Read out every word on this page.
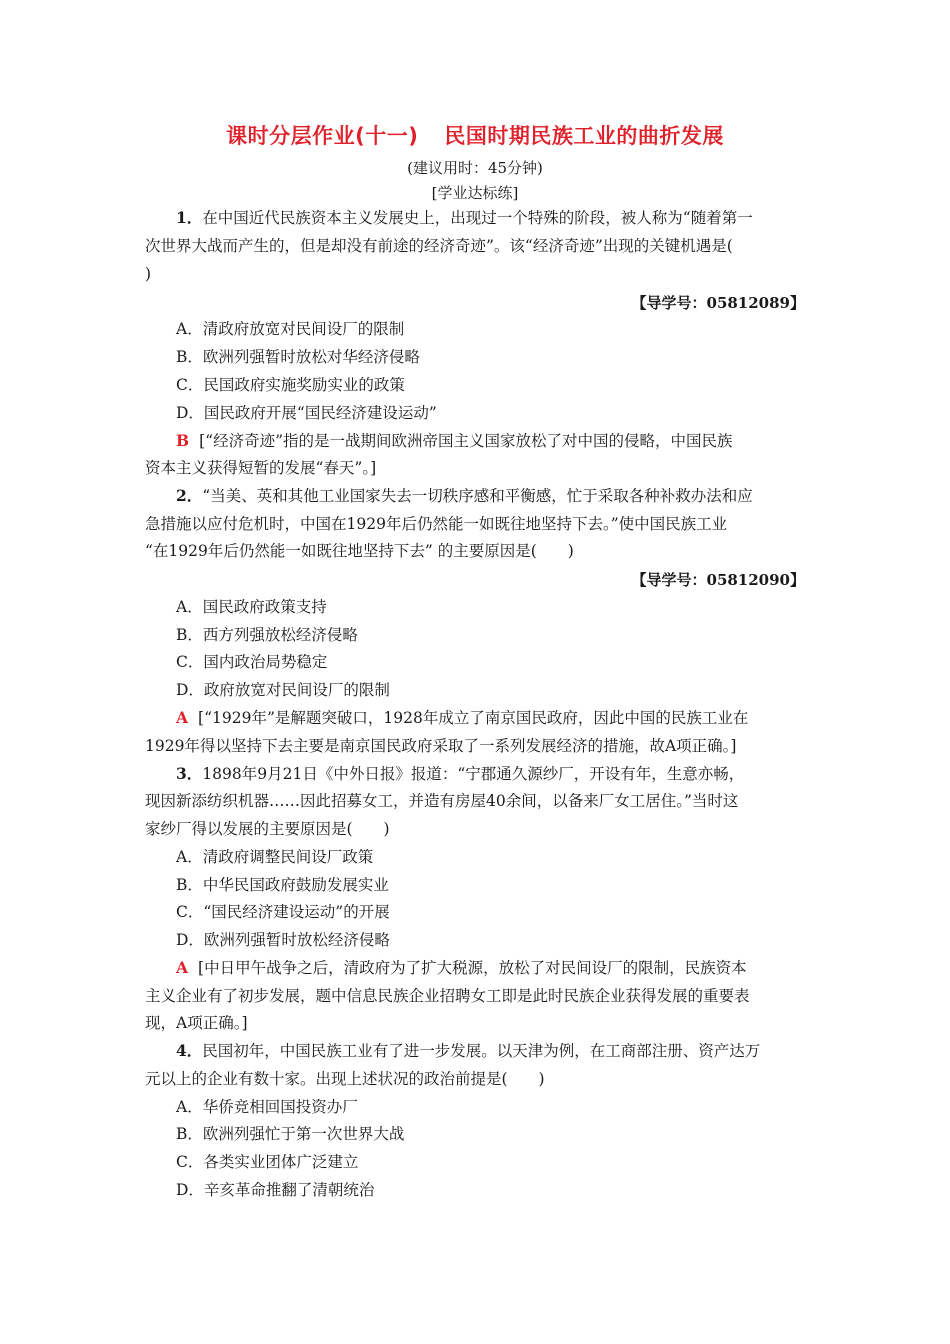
课时分层作业(十一) 民国时期民族工业的曲折发展
(建议用时：45分钟)
[学业达标练]
1．在中国近代民族资本主义发展史上，出现过一个特殊的阶段，被人称为“随着第一
次世界大战而产生的，但是却没有前途的经济奇迹”。该“经济奇迹”出现的关键机遇是(
)
【导学号：05812089】
A．清政府放宽对民间设厂的限制
B．欧洲列强暂时放松对华经济侵略
C．民国政府实施奖励实业的政策
D．国民政府开展“国民经济建设运动”
B [“经济奇迹”指的是一战期间欧洲帝国主义国家放松了对中国的侵略，中国民族
资本主义获得短暂的发展“春天”。]
2．“当美、英和其他工业国家失去一切秩序感和平衡感，忙于采取各种补救办法和应
急措施以应付危机时，中国在1929年后仍然能一如既往地坚持下去。”使中国民族工业
“在1929年后仍然能一如既往地坚持下去” 的主要原因是(　　)
【导学号：05812090】
A．国民政府政策支持
B．西方列强放松经济侵略
C．国内政治局势稳定
D．政府放宽对民间设厂的限制
A [“1929年”是解题突破口，1928年成立了南京国民政府，因此中国的民族工业在
1929年得以坚持下去主要是南京国民政府采取了一系列发展经济的措施，故A项正确。]
3．1898年9月21日《中外日报》报道：“宁郡通久源纱厂，开设有年，生意亦畅，
现因新添纺织机器……因此招募女工，并造有房屋40余间，以备来厂女工居住。”当时这
家纱厂得以发展的主要原因是(　　)
A．清政府调整民间设厂政策
B．中华民国政府鼓励发展实业
C．“国民经济建设运动”的开展
D．欧洲列强暂时放松经济侵略
A [中日甲午战争之后，清政府为了扩大税源，放松了对民间设厂的限制，民族资本
主义企业有了初步发展，题中信息民族企业招聘女工即是此时民族企业获得发展的重要表
现，A项正确。]
4．民国初年，中国民族工业有了进一步发展。以天津为例，在工商部注册、资产达万
元以上的企业有数十家。出现上述状况的政治前提是(　　)
A．华侨竞相回国投资办厂
B．欧洲列强忙于第一次世界大战
C．各类实业团体广泛建立
D．辛亥革命推翻了清朝统治
